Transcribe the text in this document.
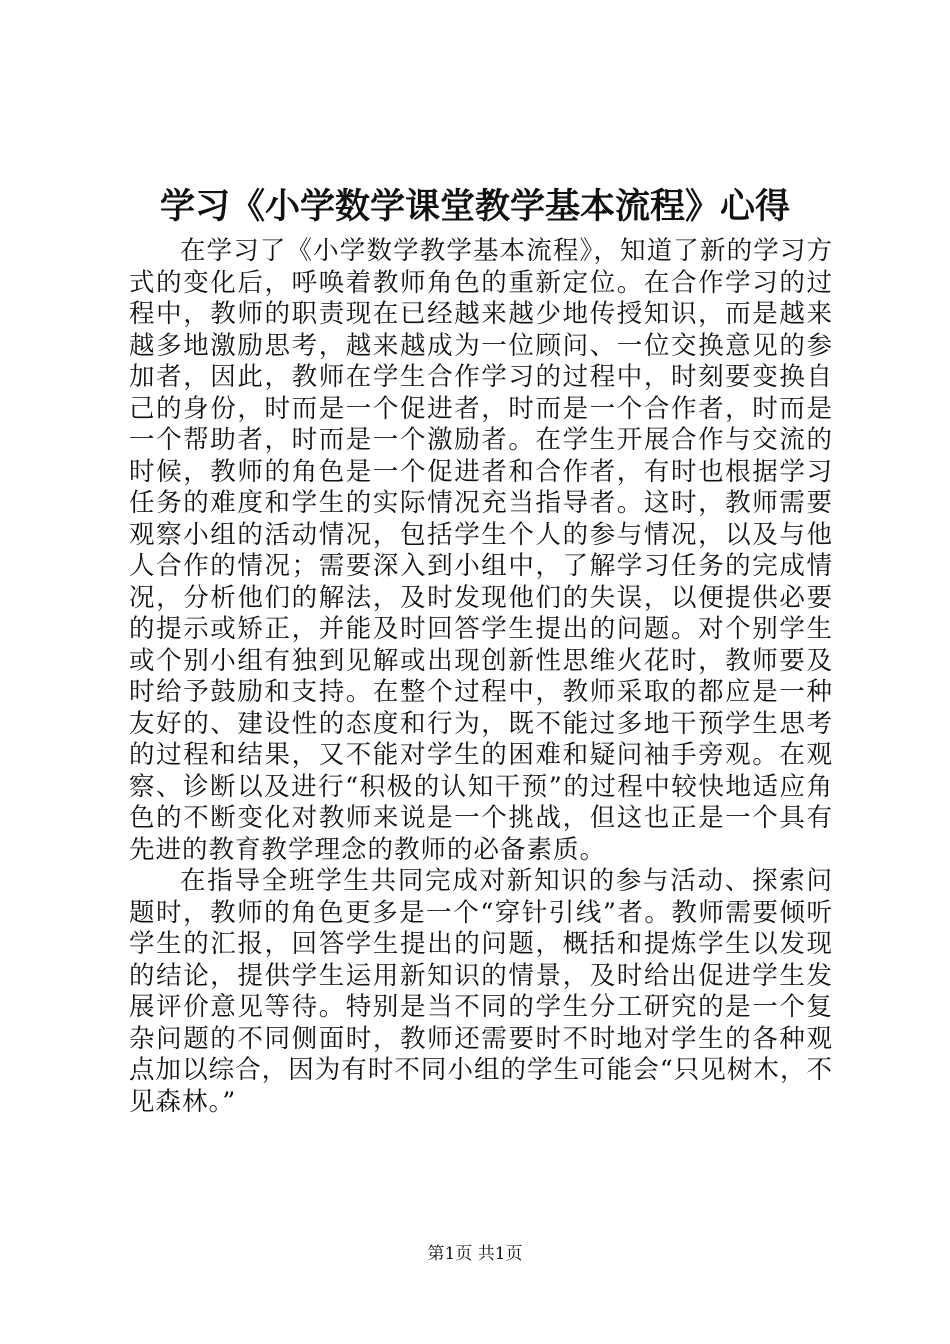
学习《小学数学课堂教学基本流程》心得

在学习了《小学数学教学基本流程》，知道了新的学习方式的变化后，呼唤着教师角色的重新定位。在合作学习的过程中，教师的职责现在已经越来越少地传授知识，而是越来越多地激励思考，越来越成为一位顾问、一位交换意见的参加者，因此，教师在学生合作学习的过程中，时刻要变换自己的身份，时而是一个促进者，时而是一个合作者，时而是一个帮助者，时而是一个激励者。在学生开展合作与交流的时候，教师的角色是一个促进者和合作者，有时也根据学习任务的难度和学生的实际情况充当指导者。这时，教师需要观察小组的活动情况，包括学生个人的参与情况，以及与他人合作的情况；需要深入到小组中，了解学习任务的完成情况，分析他们的解法，及时发现他们的失误，以便提供必要的提示或矫正，并能及时回答学生提出的问题。对个别学生或个别小组有独到见解或出现创新性思维火花时，教师要及时给予鼓励和支持。在整个过程中，教师采取的都应是一种友好的、建设性的态度和行为，既不能过多地干预学生思考的过程和结果，又不能对学生的困难和疑问袖手旁观。在观察、诊断以及进行“积极的认知干预”的过程中较快地适应角色的不断变化对教师来说是一个挑战，但这也正是一个具有先进的教育教学理念的教师的必备素质。

在指导全班学生共同完成对新知识的参与活动、探索问题时，教师的角色更多是一个“穿针引线”者。教师需要倾听学生的汇报，回答学生提出的问题，概括和提炼学生以发现的结论，提供学生运用新知识的情景，及时给出促进学生发展评价意见等待。特别是当不同的学生分工研究的是一个复杂问题的不同侧面时，教师还需要时不时地对学生的各种观点加以综合，因为有时不同小组的学生可能会“只见树木，不见森林。”

第1页 共1页
